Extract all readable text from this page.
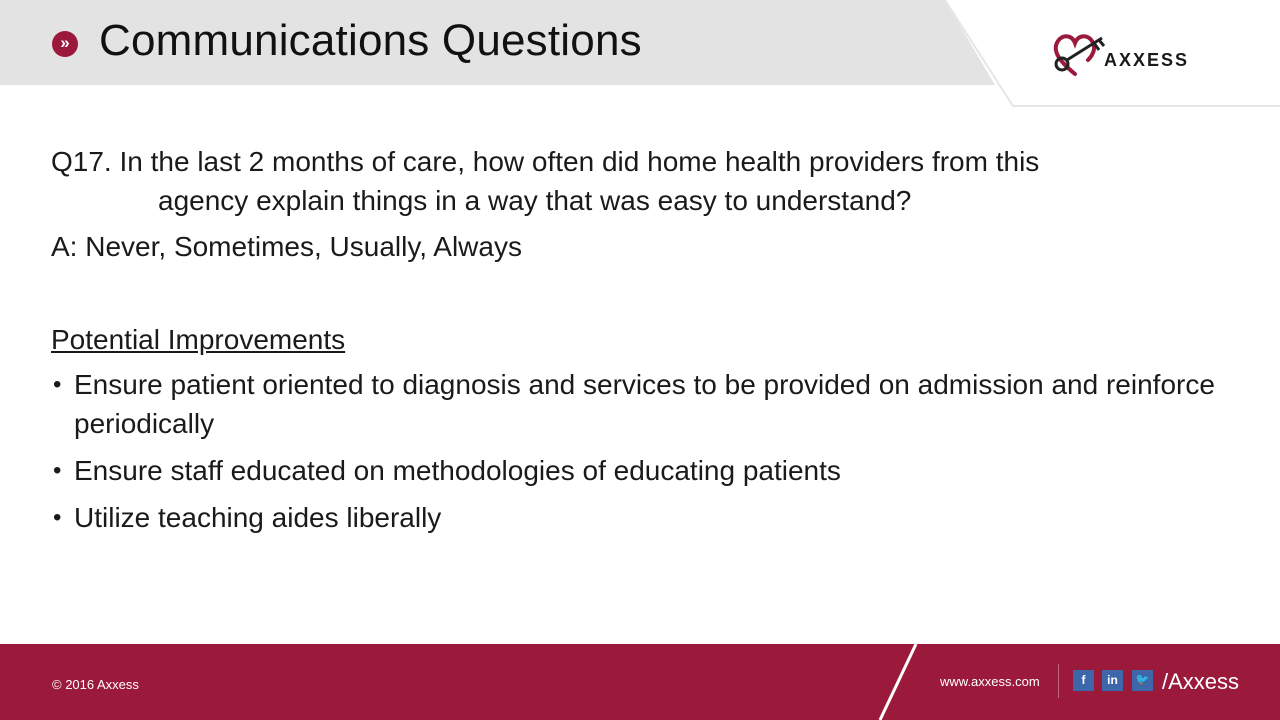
» Communications Questions	AXXESS

Q17. In the last 2 months of care, how often did home health providers from this

agency explain things in a way that was easy to understand?

A: Never, Sometimes, Usually, Always

Potential Improvements

• Ensure patient oriented to diagnosis and services to be provided on admission and reinforce periodically
• Ensure staff educated on methodologies of educating patients
• Utilize teaching aides liberally
© 2016 Axxess	www.axxess.com	f	in	🐦 /Axxess
